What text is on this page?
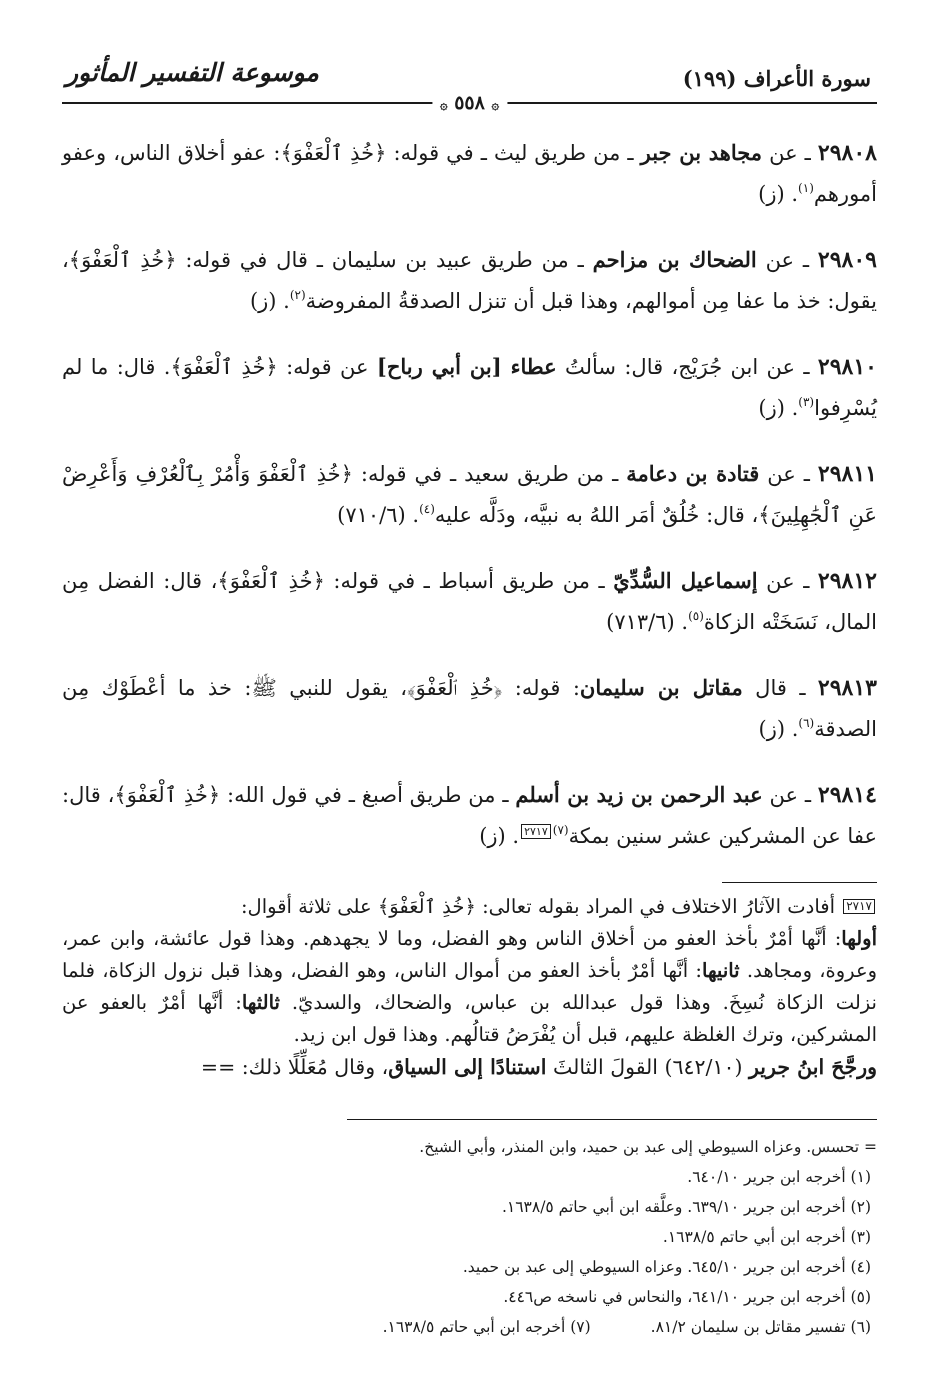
سورة الأعراف (١٩٩)
موسوعة التفسير المأثور
۞ ٥٥٨ ۞

٢٩٨٠٨ ـ عن مجاهد بن جبر ـ من طريق ليث ـ في قوله: ﴿خُذِ ٱلْعَفْوَ﴾: عفو أخلاق الناس، وعفو أمورهم$^{(١)}$. (ز)

٢٩٨٠٩ ـ عن الضحاك بن مزاحم ـ من طريق عبيد بن سليمان ـ قال في قوله: ﴿خُذِ ٱلْعَفْوَ﴾، يقول: خذ ما عفا مِن أموالهم، وهذا قبل أن تنزل الصدقةُ المفروضة$^{(٢)}$. (ز)

٢٩٨١٠ ـ عن ابن جُرَيْج، قال: سألتُ عطاء [بن أبي رباح] عن قوله: ﴿خُذِ ٱلْعَفْوَ﴾. قال: ما لم يُسْرِفوا$^{(٣)}$. (ز)

٢٩٨١١ ـ عن قتادة بن دعامة ـ من طريق سعيد ـ في قوله: ﴿خُذِ ٱلْعَفْوَ وَأْمُرْ بِٱلْعُرْفِ وَأَعْرِضْ عَنِ ٱلْجَٰهِلِينَ﴾، قال: خُلُقٌ أمَر اللهُ به نبيَّه، ودَلَّه عليه$^{(٤)}$. (٧١٠/٦)

٢٩٨١٢ ـ عن إسماعيل السُّدِّيّ ـ من طريق أسباط ـ في قوله: ﴿خُذِ ٱلْعَفْوَ﴾، قال: الفضل مِن المال، نَسَخَتْه الزكاة$^{(٥)}$. (٧١٣/٦)

٢٩٨١٣ ـ قال مقاتل بن سليمان: قوله: ﴿خُذِ ٱلْعَفْوَ﴾، يقول للنبي ﷺ: خذ ما أعْطَوْك مِن الصدقة$^{(٦)}$. (ز)

٢٩٨١٤ ـ عن عبد الرحمن بن زيد بن أسلم ـ من طريق أصبغ ـ في قول الله: ﴿خُذِ ٱلْعَفْوَ﴾، قال: عفا عن المشركين عشر سنين بمكة$^{(٧)}$٢٧١٧. (ز)

٢٧١٧ أفادت الآثارُ الاختلاف في المراد بقوله تعالى: ﴿خُذِ ٱلْعَفْوَ﴾ على ثلاثة أقوال:
أولها: أنَّها أمْرٌ بأخذ العفو من أخلاق الناس وهو الفضل، وما لا يجهدهم. وهذا قول عائشة، وابن عمر، وعروة، ومجاهد. ثانيها: أنَّها أمْرٌ بأخذ العفو من أموال الناس، وهو الفضل، وهذا قبل نزول الزكاة، فلما نزلت الزكاة نُسِخَ. وهذا قول عبدالله بن عباس، والضحاك، والسديّ. ثالثها: أنَّها أمْرٌ بالعفو عن المشركين، وترك الغلظة عليهم، قبل أن يُفْرَضُ قتالُهم. وهذا قول ابن زيد.

ورجَّحَ ابنُ جرير (٦٤٢/١٠) القولَ الثالثَ استنادًا إلى السياق، وقال مُعَلِّلًا ذلك: ==

= تحسس. وعزاه السيوطي إلى عبد بن حميد، وابن المنذر، وأبي الشيخ.
(١) أخرجه ابن جرير ٦٤٠/١٠.
(٢) أخرجه ابن جرير ٦٣٩/١٠. وعلَّقه ابن أبي حاتم ١٦٣٨/٥.
(٣) أخرجه ابن أبي حاتم ١٦٣٨/٥.
(٤) أخرجه ابن جرير ٦٤٥/١٠. وعزاه السيوطي إلى عبد بن حميد.
(٥) أخرجه ابن جرير ٦٤١/١٠، والنحاس في ناسخه ص٤٤٦.
(٦) تفسير مقاتل بن سليمان ٨١/٢.
(٧) أخرجه ابن أبي حاتم ١٦٣٨/٥.
